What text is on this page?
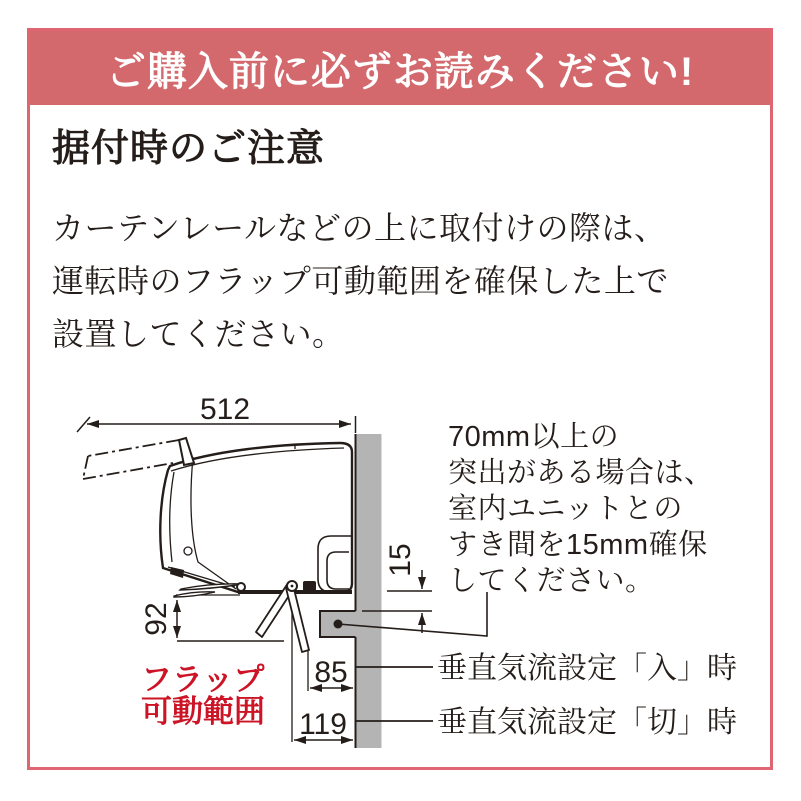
ご購入前に必ずお読みください!
据付時のご注意
カーテンレールなどの上に取付けの際は、
運転時のフラップ可動範囲を確保した上で
設置してください。
70mm以上の
突出がある場合は、
室内ユニットとの
すき間を15mm確保
してください。
512
92
15
85
119
フラップ
可動範囲
垂直気流設定「入」時
垂直気流設定「切」時
